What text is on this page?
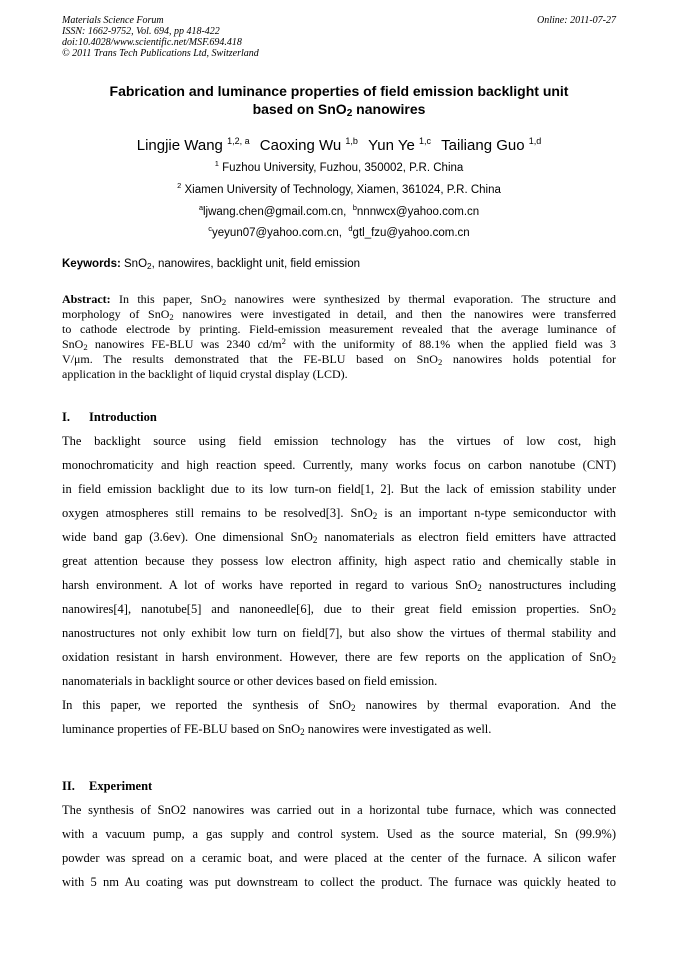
Materials Science Forum
ISSN: 1662-9752, Vol. 694, pp 418-422
doi:10.4028/www.scientific.net/MSF.694.418
© 2011 Trans Tech Publications Ltd, Switzerland
Online: 2011-07-27
Fabrication and luminance properties of field emission backlight unit
based on SnO$_2$ nanowires
Lingjie Wang $^{1,2, a}$ Caoxing Wu $^{1,b}$ Yun Ye $^{1,c}$ Tailiang Guo $^{1,d}$
$^1$ Fuzhou University, Fuzhou, 350002, P.R. China
$^2$ Xiamen University of Technology, Xiamen, 361024, P.R. China
$^a$ljwang.chen@gmail.com.cn, $^b$nnnwcx@yahoo.com.cn
$^c$yeyun07@yahoo.com.cn, $^d$gtl_fzu@yahoo.com.cn
Keywords: SnO$_2$, nanowires, backlight unit, field emission
Abstract: In this paper, SnO$_2$ nanowires were synthesized by thermal evaporation. The structure and
morphology of SnO$_2$ nanowires were investigated in detail, and then the nanowires were transferred
to cathode electrode by printing. Field-emission measurement revealed that the average luminance of
SnO$_2$ nanowires FE-BLU was 2340 $cd/m^2$ with the uniformity of 88.1% when the applied field was 3
V/μm. The results demonstrated that the FE-BLU based on SnO$_2$ nanowires holds potential for
application in the backlight of liquid crystal display (LCD).
I. Introduction
The backlight source using field emission technology has the virtues of low cost, high
monochromaticity and high reaction speed. Currently, many works focus on carbon nanotube (CNT)
in field emission backlight due to its low turn-on field[1, 2]. But the lack of emission stability under
oxygen atmospheres still remains to be resolved[3]. SnO$_2$ is an important n-type semiconductor with
wide band gap (3.6ev). One dimensional SnO$_2$ nanomaterials as electron field emitters have attracted
great attention because they possess low electron affinity, high aspect ratio and chemically stable in
harsh environment. A lot of works have reported in regard to various SnO$_2$ nanostructures including
nanowires[4], nanotube[5] and nanoneedle[6], due to their great field emission properties. SnO$_2$
nanostructures not only exhibit low turn on field[7], but also show the virtues of thermal stability and
oxidation resistant in harsh environment. However, there are few reports on the application of SnO$_2$
nanomaterials in backlight source or other devices based on field emission.
In this paper, we reported the synthesis of SnO$_2$ nanowires by thermal evaporation. And the
luminance properties of FE-BLU based on SnO$_2$ nanowires were investigated as well.
II. Experiment
The synthesis of SnO2 nanowires was carried out in a horizontal tube furnace, which was connected
with a vacuum pump, a gas supply and control system. Used as the source material, Sn (99.9%)
powder was spread on a ceramic boat, and were placed at the center of the furnace. A silicon wafer
with 5 nm Au coating was put downstream to collect the product. The furnace was quickly heated to
